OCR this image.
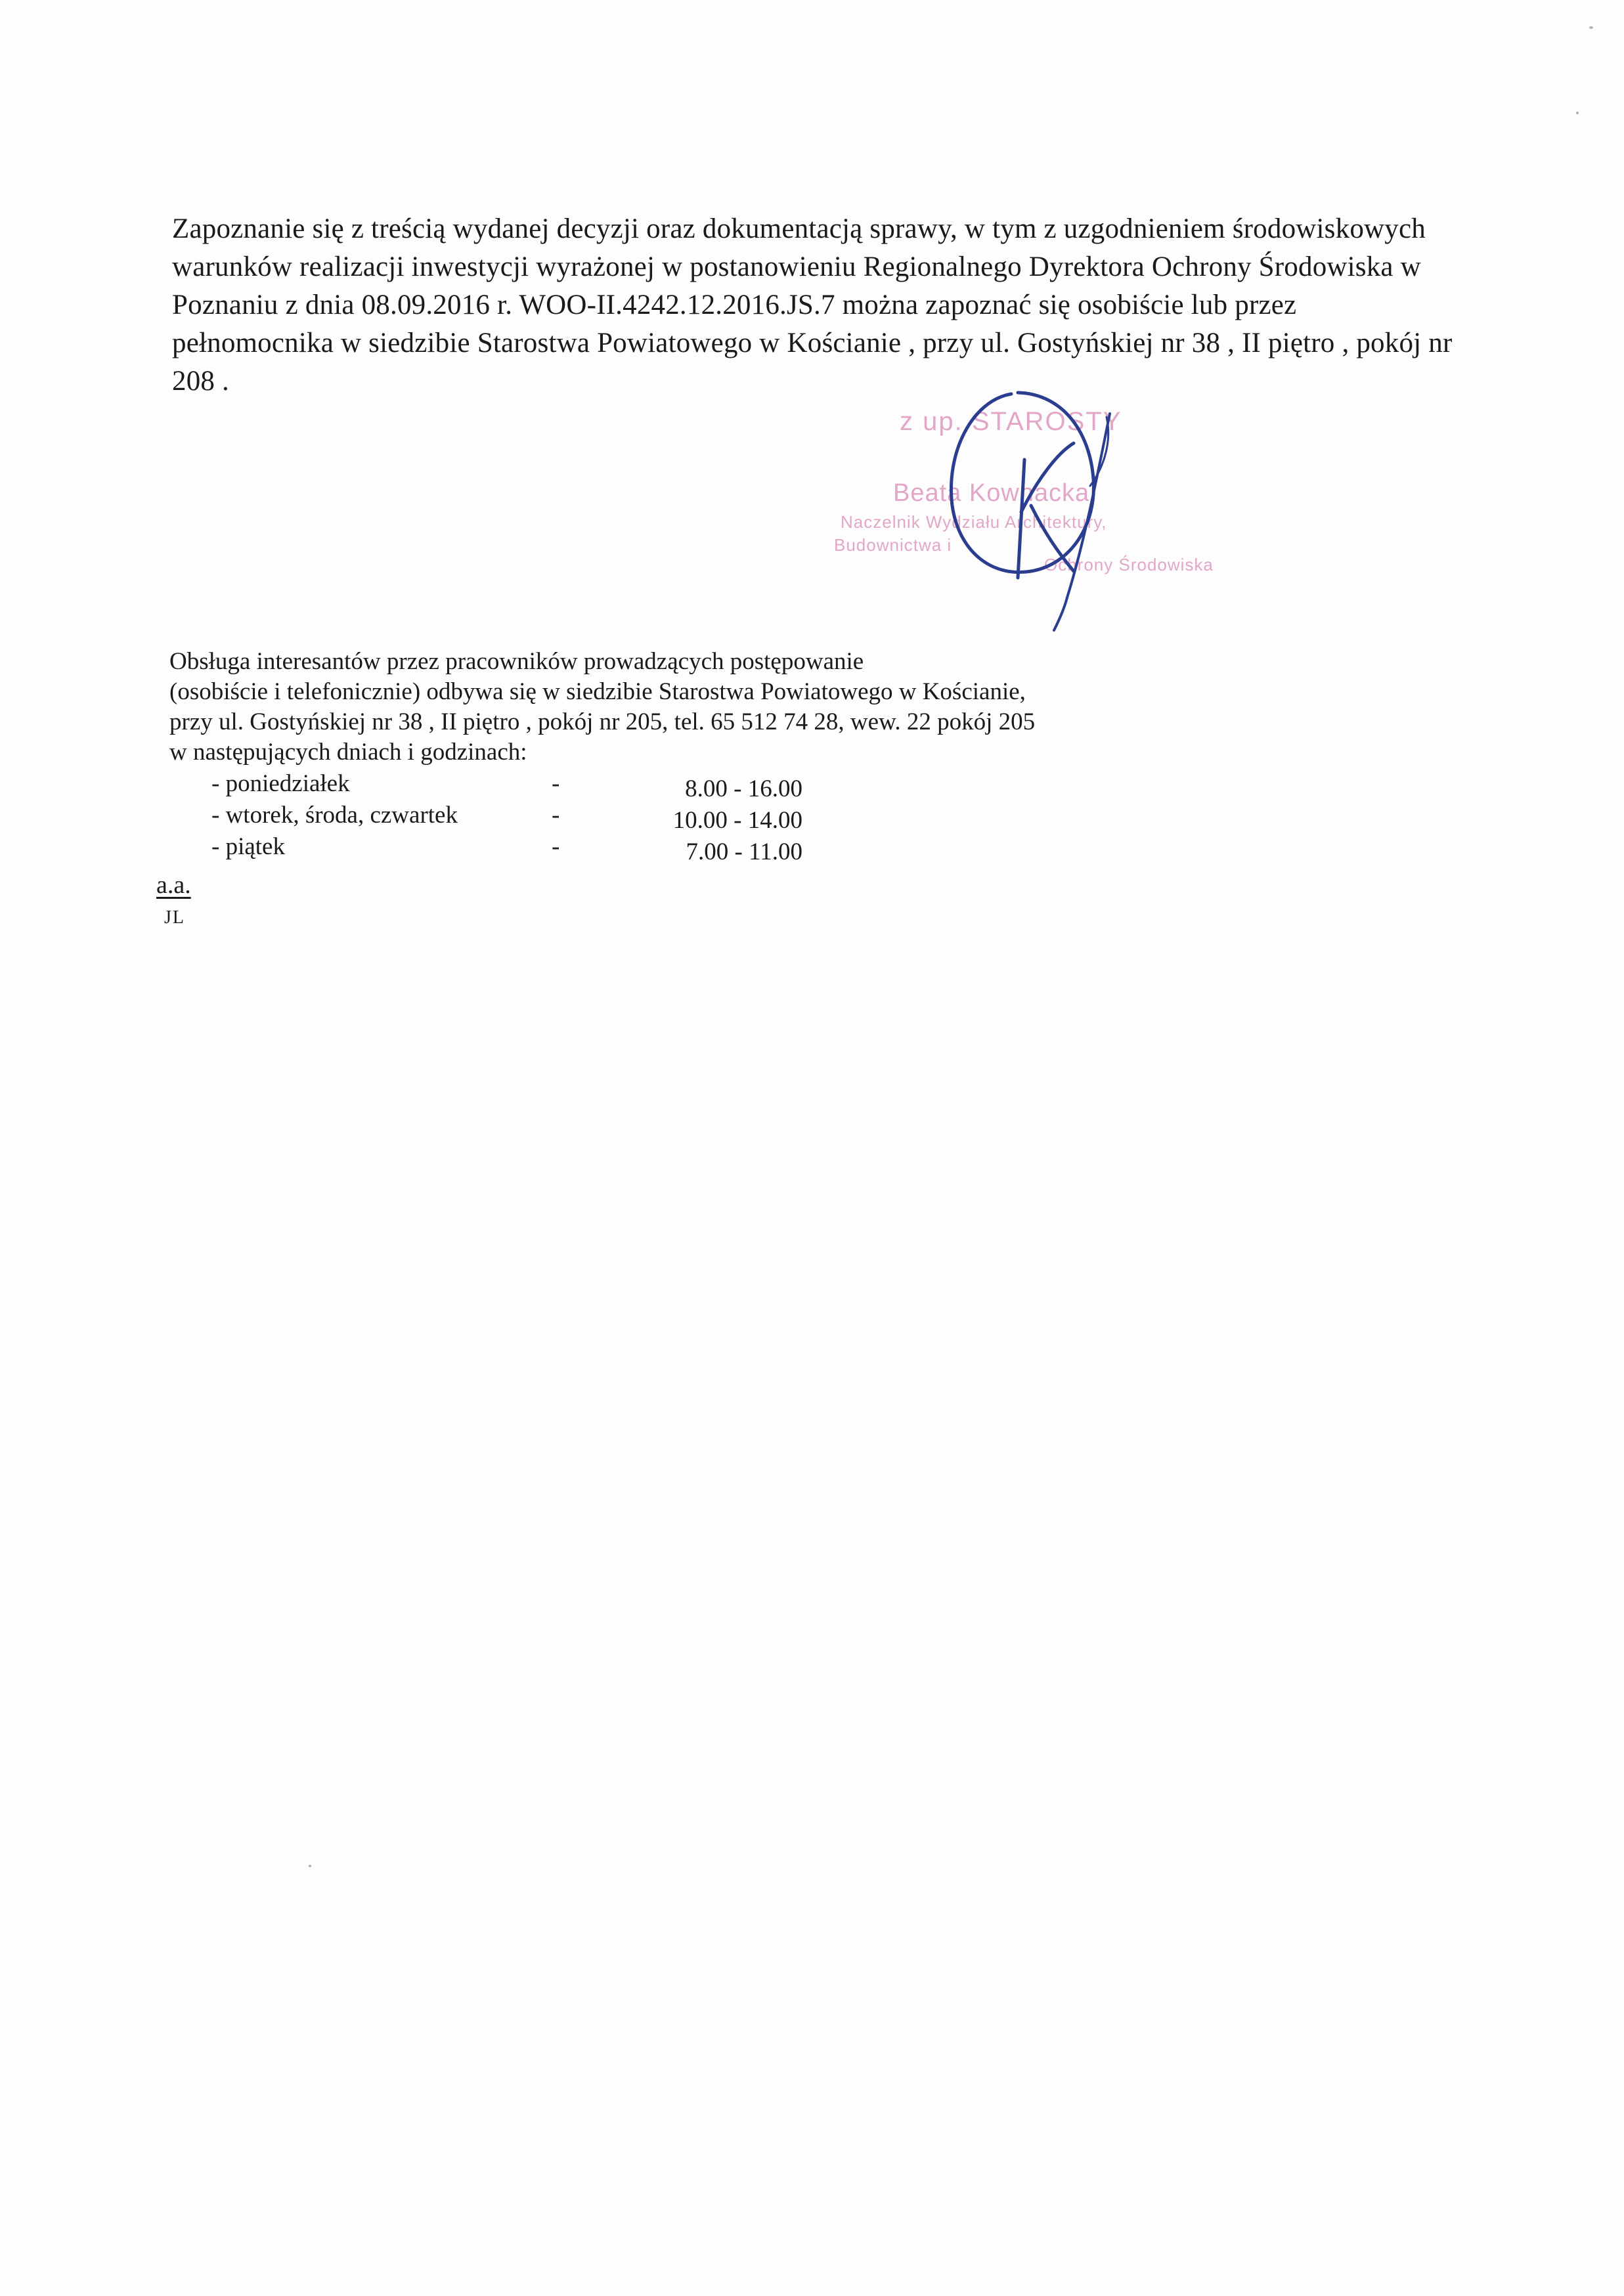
Zapoznanie się z treścią wydanej decyzji oraz dokumentacją sprawy, w tym z uzgodnieniem środowiskowych
warunków realizacji inwestycji wyrażonej w postanowieniu Regionalnego Dyrektora Ochrony Środowiska w
Poznaniu z dnia 08.09.2016 r. WOO-II.4242.12.2016.JS.7 można zapoznać się osobiście lub przez
pełnomocnika w siedzibie Starostwa Powiatowego w Kościanie , przy ul. Gostyńskiej nr 38 , II piętro , pokój nr
208 .

z up. STAROSTY
Beata Kownacka
Naczelnik Wydziału Architektury,
Budownictwa i
Ochrony Środowiska

Obsługa interesantów przez pracowników prowadzących postępowanie
(osobiście i telefonicznie) odbywa się w siedzibie Starostwa Powiatowego w Kościanie,
przy ul. Gostyńskiej nr 38 , II piętro , pokój nr 205, tel. 65 512 74 28, wew. 22 pokój 205
w następujących dniach i godzinach:

- poniedziałek	-	8.00 - 16.00
- wtorek, środa, czwartek	-	10.00 - 14.00
- piątek	-	7.00 - 11.00
a.a.
JL
